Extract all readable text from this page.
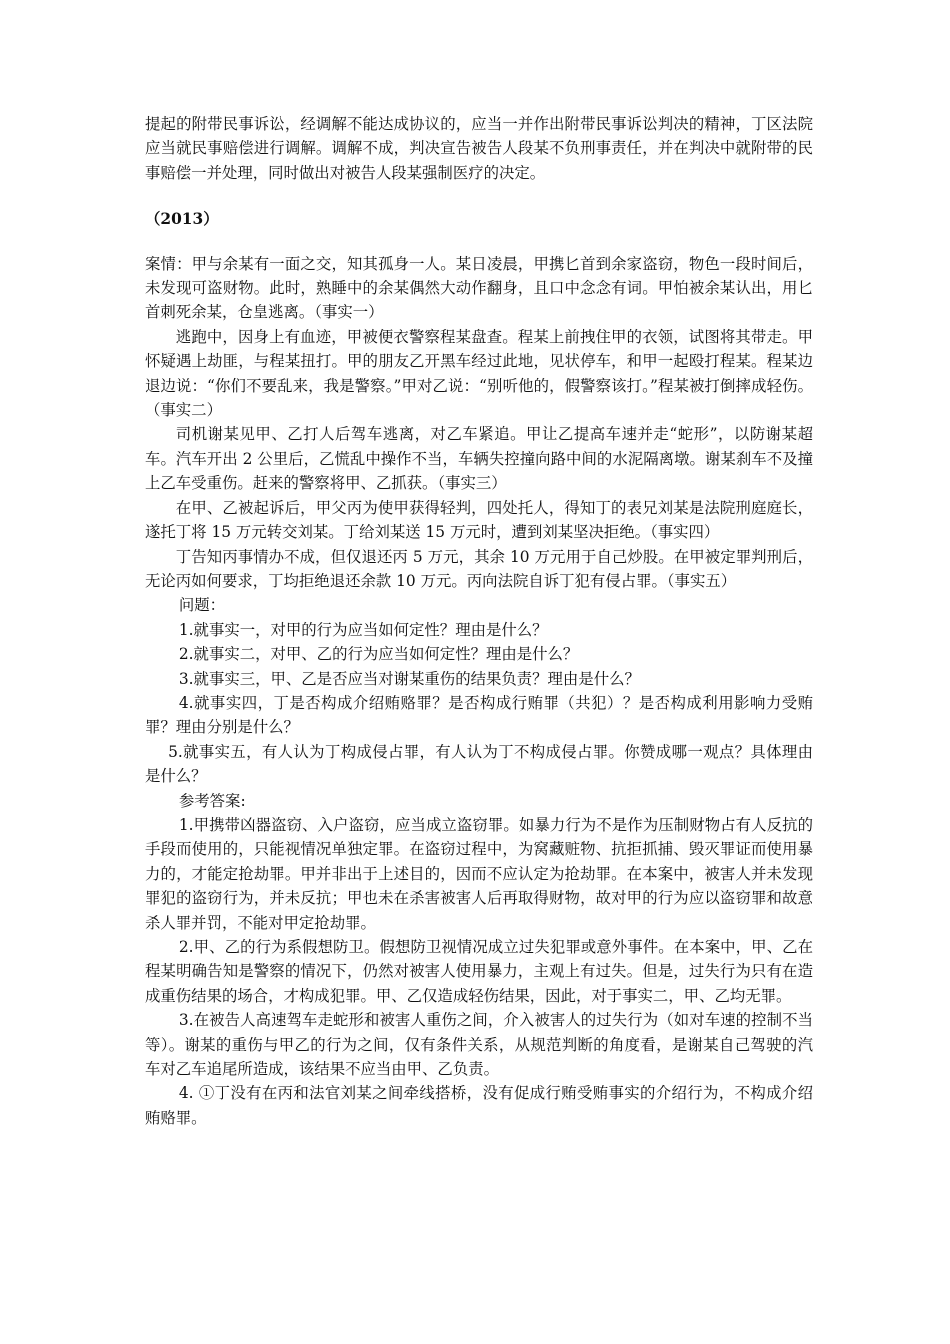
提起的附带民事诉讼，经调解不能达成协议的，应当一并作出附带民事诉讼判决的精神，丁区法院应当就民事赔偿进行调解。调解不成，判决宣告被告人段某不负刑事责任，并在判决中就附带的民事赔偿一并处理，同时做出对被告人段某强制医疗的决定。

（2013）

案情：甲与余某有一面之交，知其孤身一人。某日凌晨，甲携匕首到余家盗窃，物色一段时间后，未发现可盗财物。此时，熟睡中的余某偶然大动作翻身，且口中念念有词。甲怕被余某认出，用匕首刺死余某，仓皇逃离。（事实一）

逃跑中，因身上有血迹，甲被便衣警察程某盘查。程某上前拽住甲的衣领，试图将其带走。甲怀疑遇上劫匪，与程某扭打。甲的朋友乙开黑车经过此地，见状停车，和甲一起殴打程某。程某边退边说：“你们不要乱来，我是警察。”甲对乙说：“别听他的，假警察该打。”程某被打倒摔成轻伤。（事实二）

司机谢某见甲、乙打人后驾车逃离，对乙车紧追。甲让乙提高车速并走“蛇形”，以防谢某超车。汽车开出 2 公里后，乙慌乱中操作不当，车辆失控撞向路中间的水泥隔离墩。谢某刹车不及撞上乙车受重伤。赶来的警察将甲、乙抓获。（事实三）

在甲、乙被起诉后，甲父丙为使甲获得轻判，四处托人，得知丁的表兄刘某是法院刑庭庭长，遂托丁将 15 万元转交刘某。丁给刘某送 15 万元时，遭到刘某坚决拒绝。（事实四）

丁告知丙事情办不成，但仅退还丙 5 万元，其余 10 万元用于自己炒股。在甲被定罪判刑后，无论丙如何要求，丁均拒绝退还余款 10 万元。丙向法院自诉丁犯有侵占罪。（事实五）

问题：

1.就事实一，对甲的行为应当如何定性？理由是什么？

2.就事实二，对甲、乙的行为应当如何定性？理由是什么？

3.就事实三，甲、乙是否应当对谢某重伤的结果负责？理由是什么？

4.就事实四，丁是否构成介绍贿赂罪？是否构成行贿罪（共犯）？是否构成利用影响力受贿罪？理由分别是什么？

5.就事实五，有人认为丁构成侵占罪，有人认为丁不构成侵占罪。你赞成哪一观点？具体理由是什么？

参考答案:

1.甲携带凶器盗窃、入户盗窃，应当成立盗窃罪。如暴力行为不是作为压制财物占有人反抗的手段而使用的，只能视情况单独定罪。在盗窃过程中，为窝藏赃物、抗拒抓捕、毁灭罪证而使用暴力的，才能定抢劫罪。甲并非出于上述目的，因而不应认定为抢劫罪。在本案中，被害人并未发现罪犯的盗窃行为，并未反抗；甲也未在杀害被害人后再取得财物，故对甲的行为应以盗窃罪和故意杀人罪并罚，不能对甲定抢劫罪。

2.甲、乙的行为系假想防卫。假想防卫视情况成立过失犯罪或意外事件。在本案中，甲、乙在程某明确告知是警察的情况下，仍然对被害人使用暴力，主观上有过失。但是，过失行为只有在造成重伤结果的场合，才构成犯罪。甲、乙仅造成轻伤结果，因此，对于事实二，甲、乙均无罪。

3.在被告人高速驾车走蛇形和被害人重伤之间，介入被害人的过失行为（如对车速的控制不当等）。谢某的重伤与甲乙的行为之间，仅有条件关系，从规范判断的角度看，是谢某自己驾驶的汽车对乙车追尾所造成，该结果不应当由甲、乙负责。

4. ①丁没有在丙和法官刘某之间牵线搭桥，没有促成行贿受贿事实的介绍行为，不构成介绍贿赂罪。
